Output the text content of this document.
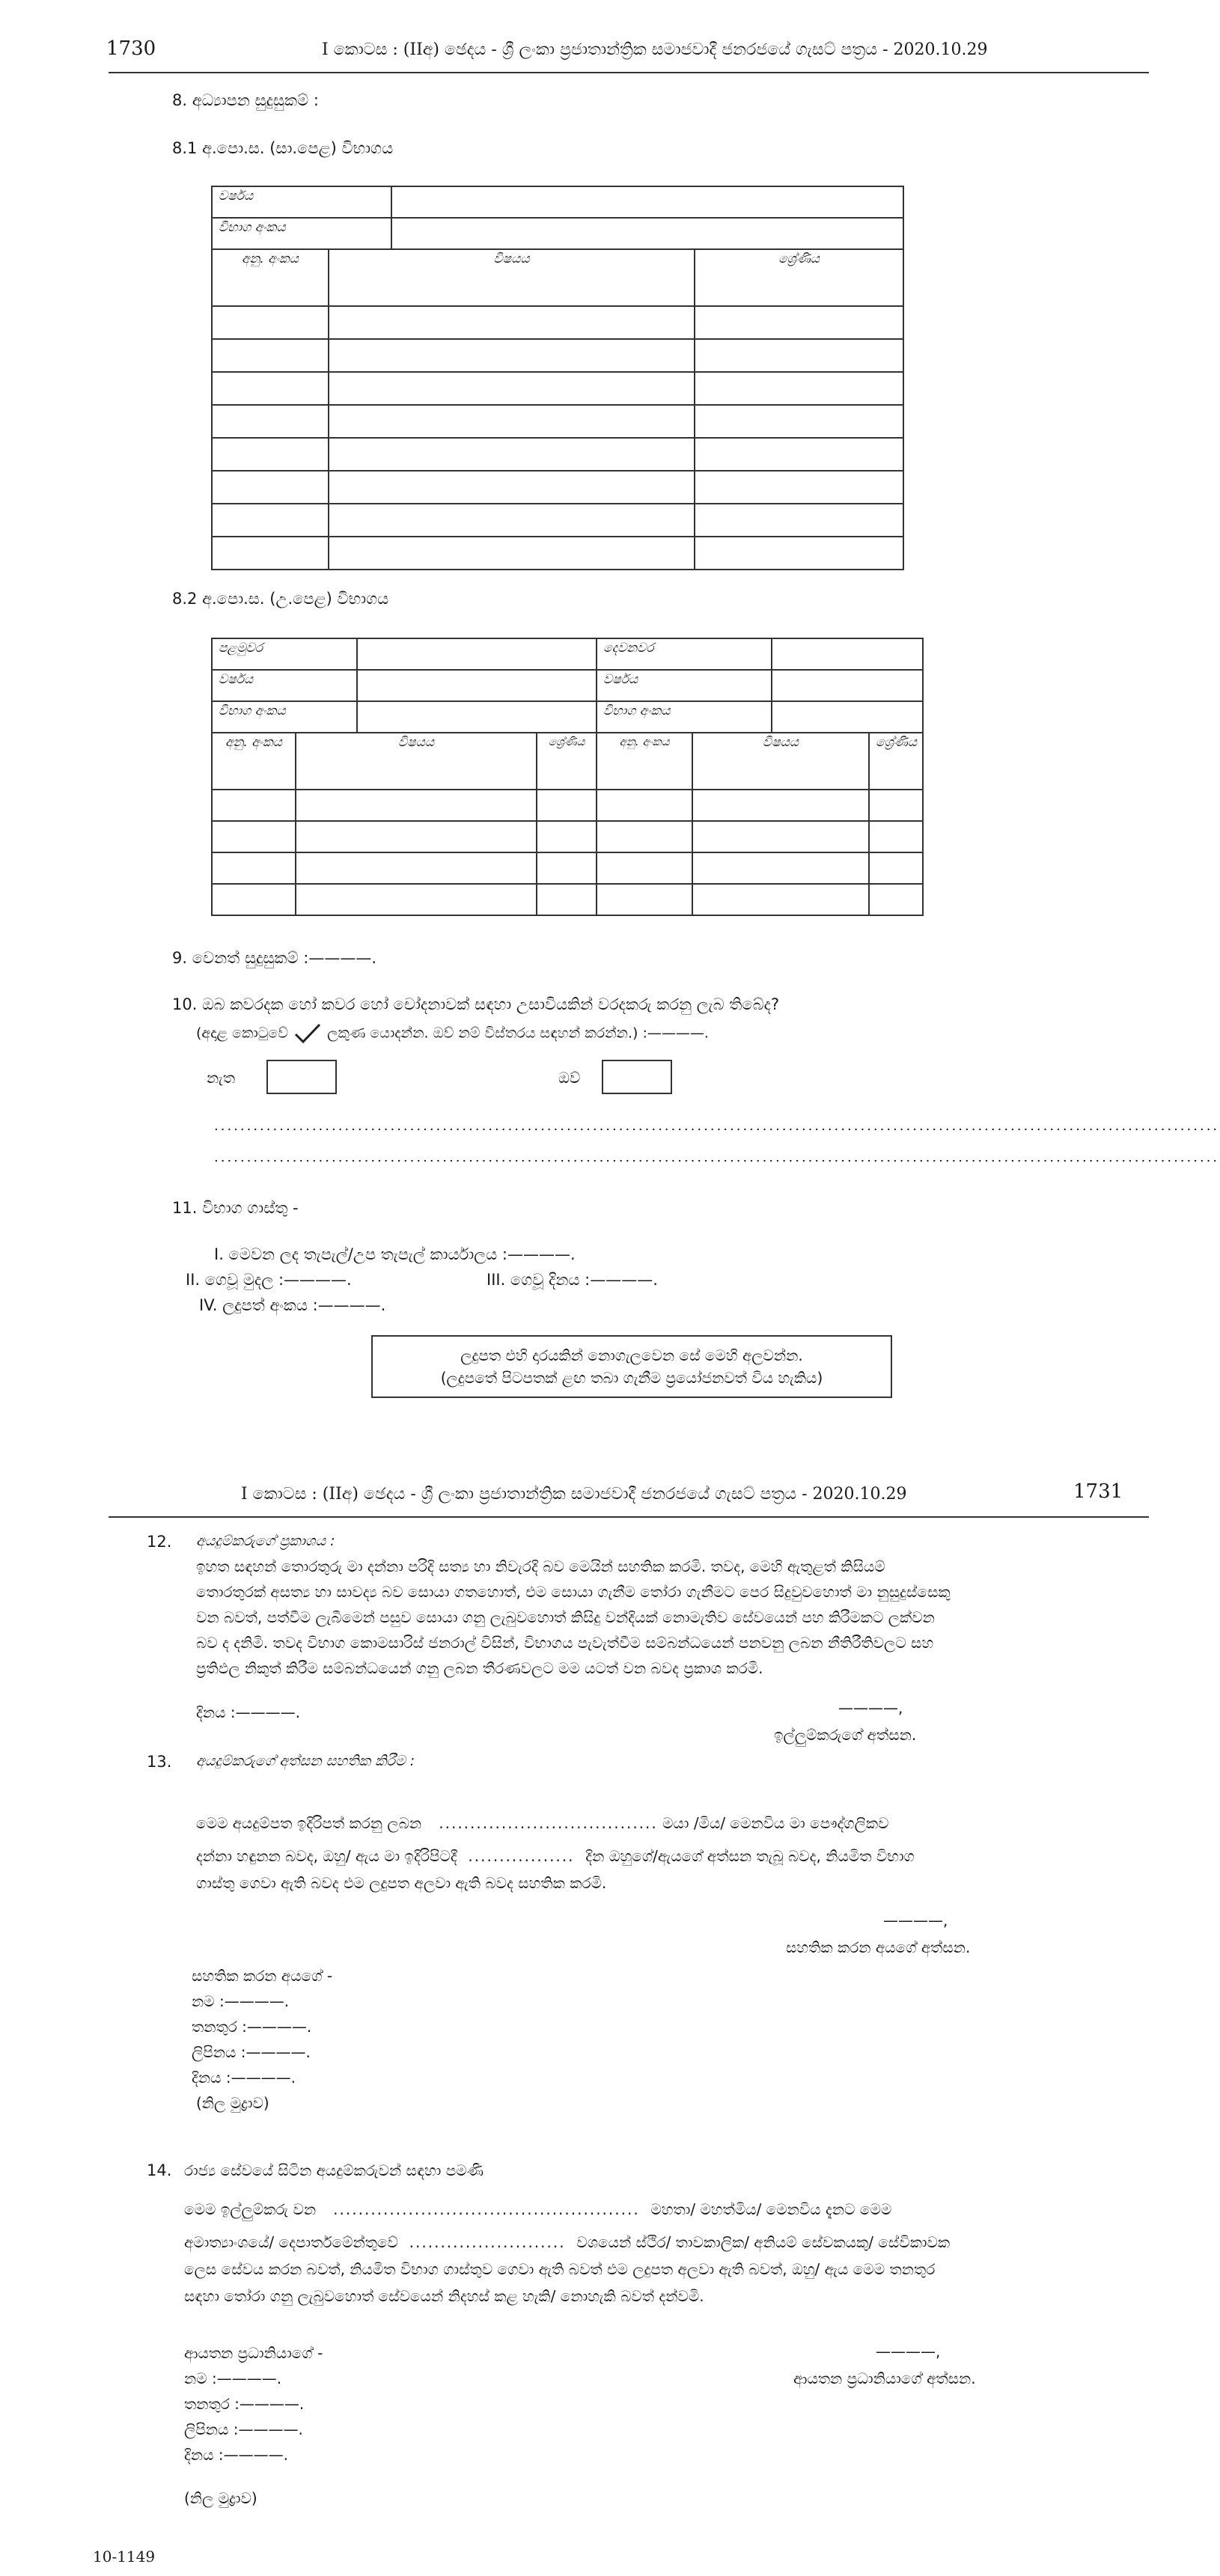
1730	I කොටස : (IIඅ) ඡෙදය - ශ්‍රී ලංකා ප්‍රජාතාන්ත්‍රික සමාජවාදී ජනරජයේ ගැසට් පත්‍රය - 2020.10.29
8. අධ්‍යාපන සුදුසුකම් :
8.1 අ.පො.ස. (සා.පෙළ) විභාගය
වර්ෂය			
විභාග අංකය			
අනු. අංකය	විෂයය		ශ්‍රේණිය

8.2 අ.පො.ස. (උ.පෙළ) විභාගය
පළමුවර				දෙවනවර			
වර්ෂය				වර්ෂය			
විභාග අංකය				විභාග අංකය			
අනු. අංකය	විෂයය		ශ්‍රේණිය	අනු. අංකය	විෂයය		ශ්‍රේණිය

9. වෙනත් සුදුසුකම් :————.
10. ඔබ කවරදක හෝ කවර හෝ චෝදනාවක් සඳහා උසාවියකින් වරදකරු කරනු ලැබ තිබේද?
(අදාළ කොටුවේ	ලකුණ යොදන්න. ඔව් නම් විස්තරය සඳහන් කරන්න.) :————.
නැත	ඔව්
..........................................................................................................................................................
..........................................................................................................................................................
11. විභාග ගාස්තු -
I. මෙවන ලද තැපැල්/උප තැපැල් කාර්යාලය :————.
II. ගෙවූ මුදල :————.	III. ගෙවූ දිනය :————.
IV. ලදුපත් අංකය :————.
ලදුපත එහි දාරයකින් නොගැලවෙන සේ මෙහි අලවන්න.
(ලදුපතේ පිටපතක් ළඟ තබා ගැනීම ප්‍රයෝජනවත් විය හැකිය)
I කොටස : (IIඅ) ඡෙදය - ශ්‍රී ලංකා ප්‍රජාතාන්ත්‍රික සමාජවාදී ජනරජයේ ගැසට් පත්‍රය - 2020.10.29	1731
12. අයදුම්කරුගේ ප්‍රකාශය :
ඉහත සඳහන් තොරතුරු මා දන්නා පරිදි සත්‍ය හා නිවැරදි බව මෙයින් සහතික කරමි. තවද, මෙහි ඇතුළත් කිසියම්
තොරතුරක් අසත්‍ය හා සාවද්‍ය බව සොයා ගතහොත්, එම සොයා ගැනීම තෝරා ගැනීමට පෙර සිදුවුවහොත් මා නුසුදුස්සෙකු
වන බවත්, පත්වීම ලැබීමෙන් පසුව සොයා ගනු ලැබුවහොත් කිසිදු වන්දියක් නොමැතිව සේවයෙන් පහ කිරීමකට ලක්වන
බව ද දනිමි. තවද විභාග කොමසාරිස් ජනරාල් විසින්, විභාගය පැවැත්වීම සම්බන්ධයෙන් පනවනු ලබන නීතිරීතිවලට සහ
ප්‍රතිඵල නිකුත් කිරීම සම්බන්ධයෙන් ගනු ලබන තීරණවලට මම යටත් වන බවද ප්‍රකාශ කරමි.
දිනය :————.	————,
ඉල්ලුම්කරුගේ අත්සන.
13. අයදුම්කරුගේ අත්සන සහතික කිරීම :
මෙම අයදුම්පත ඉදිරිපත් කරනු ලබන   ................................... මයා /මිය/ මෙනවිය මා පෞද්ගලිකව
දන්නා හඳුනන බවද, ඔහු/ ඇය මා ඉදිරිපිටදී  .................  දින ඔහුගේ/ඇයගේ අත්සන තැබූ බවද, නියමිත විභාග
ගාස්තු ගෙවා ඇති බවද එම ලදුපත අලවා ඇති බවද සහතික කරමි.
————,
සහතික කරන අයගේ අත්සන.
සහතික කරන අයගේ -
නම :————.
තනතුර :————.
ලිපිනය :————.
දිනය :————.
(නිල මුද්‍රාව)
14. රාජ්‍ය සේවයේ සිටින අයදුම්කරුවන් සඳහා පමණි
මෙම ඉල්ලුම්කරු වන   .................................................  මහතා/ මහත්මිය/ මෙනවිය දැනට මෙම
අමාත්‍යාංශයේ/ දෙපාර්තමේන්තුවේ  .........................  වශයෙන් ස්ථිර/ තාවකාලික/ අනියම් සේවකයකු/ සේවිකාවක
ලෙස සේවය කරන බවත්, නියමිත විභාග ගාස්තුව ගෙවා ඇති බවත් එම ලදුපත අලවා ඇති බවත්, ඔහු/ ඇය මෙම තනතුර
සඳහා තෝරා ගනු ලැබුවහොත් සේවයෙන් නිදහස් කළ හැකි/ නොහැකි බවත් දන්වමි.
ආයතන ප්‍රධානියාගේ -	————,
ආයතන ප්‍රධානියාගේ අත්සන.
නම :————.
තනතුර :————.
ලිපිනය :————.
දිනය :————.
(නිල මුද්‍රාව)
10-1149
